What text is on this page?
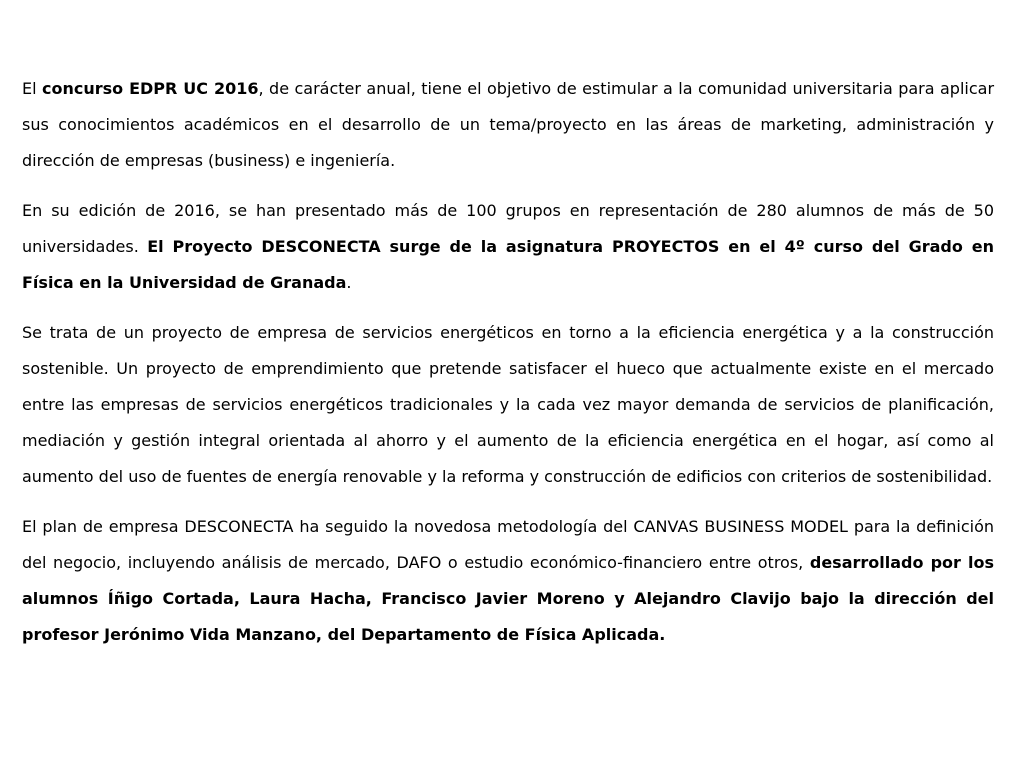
El concurso EDPR UC 2016, de carácter anual, tiene el objetivo de estimular a la comunidad universitaria para aplicar sus conocimientos académicos en el desarrollo de un tema/proyecto en las áreas de marketing, administración y dirección de empresas (business) e ingeniería.

En su edición de 2016, se han presentado más de 100 grupos en representación de 280 alumnos de más de 50 universidades. El Proyecto DESCONECTA surge de la asignatura PROYECTOS en el 4º curso del Grado en Física en la Universidad de Granada.

Se trata de un proyecto de empresa de servicios energéticos en torno a la eficiencia energética y a la construcción sostenible. Un proyecto de emprendimiento que pretende satisfacer el hueco que actualmente existe en el mercado entre las empresas de servicios energéticos tradicionales y la cada vez mayor demanda de servicios de planificación, mediación y gestión integral orientada al ahorro y el aumento de la eficiencia energética en el hogar, así como al aumento del uso de fuentes de energía renovable y la reforma y construcción de edificios con criterios de sostenibilidad.

El plan de empresa DESCONECTA ha seguido la novedosa metodología del CANVAS BUSINESS MODEL para la definición del negocio, incluyendo análisis de mercado, DAFO o estudio económico-financiero entre otros, desarrollado por los alumnos Íñigo Cortada, Laura Hacha, Francisco Javier Moreno y Alejandro Clavijo bajo la dirección del profesor Jerónimo Vida Manzano, del Departamento de Física Aplicada.
